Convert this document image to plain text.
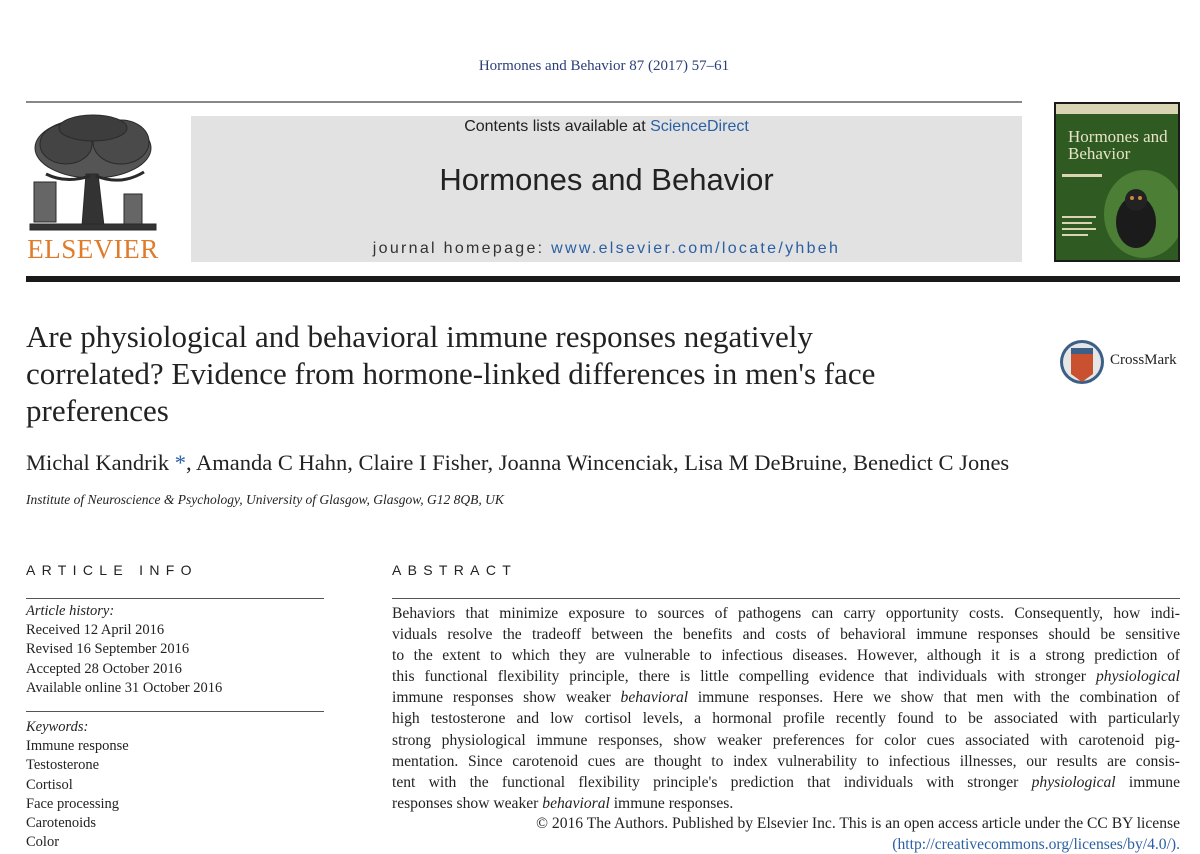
Hormones and Behavior 87 (2017) 57–61
ELSEVIER
Contents lists available at ScienceDirect
Hormones and Behavior
journal homepage: www.elsevier.com/locate/yhbeh
Hormones and Behavior
Are physiological and behavioral immune responses negatively correlated? Evidence from hormone-linked differences in men's face preferences
CrossMark
Michal Kandrik *, Amanda C Hahn, Claire I Fisher, Joanna Wincenciak, Lisa M DeBruine, Benedict C Jones
Institute of Neuroscience & Psychology, University of Glasgow, Glasgow, G12 8QB, UK
ARTICLE INFO	ABSTRACT
Article history:
Received 12 April 2016
Revised 16 September 2016
Accepted 28 October 2016
Available online 31 October 2016
Keywords:
Immune response
Testosterone
Cortisol
Face processing
Carotenoids
Color
Behaviors that minimize exposure to sources of pathogens can carry opportunity costs. Consequently, how indi-
viduals resolve the tradeoff between the benefits and costs of behavioral immune responses should be sensitive
to the extent to which they are vulnerable to infectious diseases. However, although it is a strong prediction of
this functional flexibility principle, there is little compelling evidence that individuals with stronger physiological
immune responses show weaker behavioral immune responses. Here we show that men with the combination of
high testosterone and low cortisol levels, a hormonal profile recently found to be associated with particularly
strong physiological immune responses, show weaker preferences for color cues associated with carotenoid pig-
mentation. Since carotenoid cues are thought to index vulnerability to infectious illnesses, our results are consis-
tent with the functional flexibility principle's prediction that individuals with stronger physiological immune
responses show weaker behavioral immune responses.
© 2016 The Authors. Published by Elsevier Inc. This is an open access article under the CC BY license
(http://creativecommons.org/licenses/by/4.0/).
